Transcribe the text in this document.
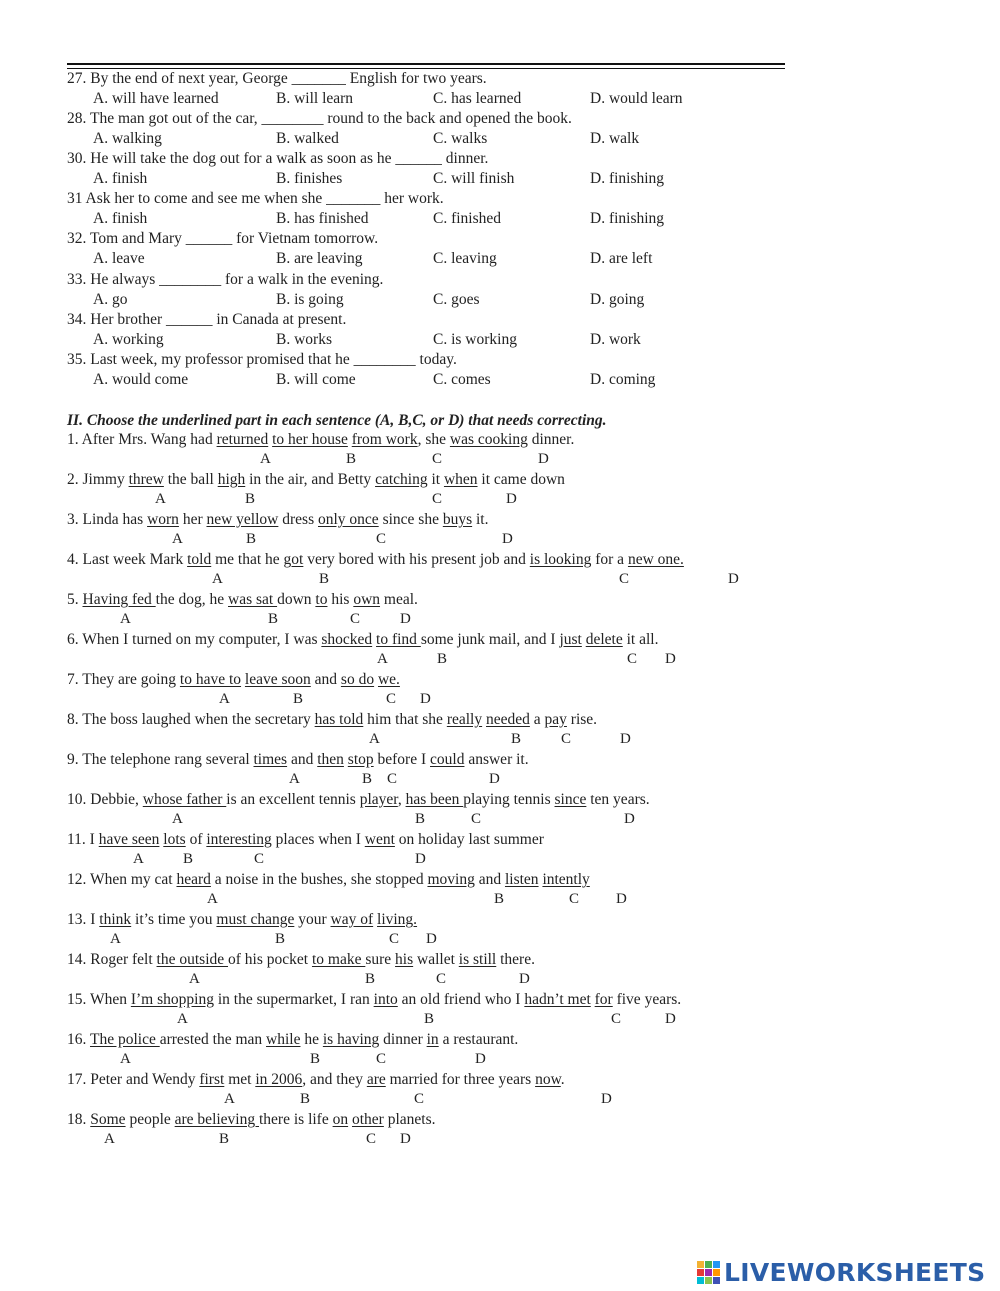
27. By the end of next year, George _______ English for two years.
A. will have learned	B. will learn	C. has learned	D. would learn
28. The man got out of the car, ________ round to the back and opened the book.
A. walking	B. walked	C. walks	D. walk
30. He will take the dog out for a walk as soon as he ______ dinner.
A. finish	B. finishes	C. will finish	D. finishing
31 Ask her to come and see me when she _______ her work.
A. finish	B. has finished	C. finished	D. finishing
32. Tom and Mary ______ for Vietnam tomorrow.
A. leave	B. are leaving	C. leaving	D. are left
33. He always ________ for a walk in the evening.
A. go	B. is going	C. goes	D. going
34. Her brother ______ in Canada at present.
A. working	B. works	C. is working	D. work
35. Last week, my professor promised that he ________ today.
A. would come	B. will come	C. comes	D. coming
II. Choose the underlined part in each sentence (A, B,C, or D) that needs correcting.
1. After Mrs. Wang had returned to her house from work, she was cooking dinner.
A	B	C	D
2. Jimmy threw the ball high in the air, and Betty catching it when it came down
A	B	C	D
3. Linda has worn her new yellow dress only once since she buys it.
A	B	C	D
4. Last week Mark told me that he got very bored with his present job and is looking for a new one.
A	B	C	D
5. Having fed the dog, he was sat down to his own meal.
A	B	C	D
6. When I turned on my computer, I was shocked to find some junk mail, and I just delete it all.
A	B	C D
7. They are going to have to leave soon and so do we.
A	B	C D
8. The boss laughed when the secretary has told him that she really needed a pay rise.
A	B	C	D
9. The telephone rang several times and then stop before I could answer it.
A	B C	D
10. Debbie, whose father is an excellent tennis player, has been playing tennis since ten years.
A	B	C	D
11. I have seen lots of interesting places when I went on holiday last summer
A	B	C	D
12. When my cat heard a noise in the bushes, she stopped moving and listen intently
A	B	C D
13. I think it’s time you must change your way of living.
A	B	C D
14. Roger felt the outside of his pocket to make sure his wallet is still there.
A	B	C	D
15. When I’m shopping in the supermarket, I ran into an old friend who I hadn’t met for five years.
A	B	C	D
16. The police arrested the man while he is having dinner in a restaurant.
A	B	C	D
17. Peter and Wendy first met in 2006, and they are married for three years now.
A	B	C	D
18. Some people are believing there is life on other planets.
A	B	C D
LIVEWORKSHEETS
